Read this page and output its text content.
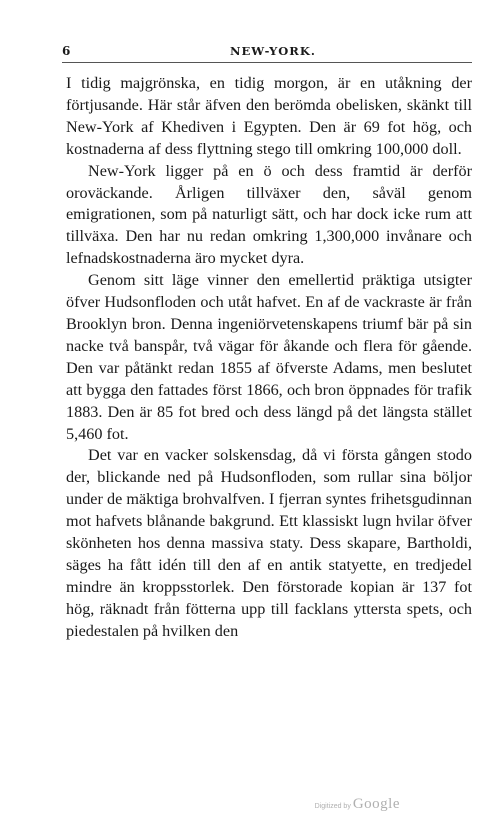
6	NEW-YORK.

I tidig majgrönska, en tidig morgon, är en utåkning der förtjusande. Här står äfven den berömda obelisken, skänkt till New-York af Khediven i Egypten. Den är 69 fot hög, och kostnaderna af dess flyttning stego till omkring 100,000 doll.

New-York ligger på en ö och dess framtid är derför oroväckande. Årligen tillväxer den, såväl genom emigrationen, som på naturligt sätt, och har dock icke rum att tillväxa. Den har nu redan omkring 1,300,000 invånare och lefnadskostnaderna äro mycket dyra.

Genom sitt läge vinner den emellertid präktiga utsigter öfver Hudsonfloden och utåt hafvet. En af de vackraste är från Brooklyn bron. Denna ingeniörvetenskapens triumf bär på sin nacke två banspår, två vägar för åkande och flera för gående. Den var påtänkt redan 1855 af öfverste Adams, men beslutet att bygga den fattades först 1866, och bron öppnades för trafik 1883. Den är 85 fot bred och dess längd på det längsta stället 5,460 fot.

Det var en vacker solskensdag, då vi första gången stodo der, blickande ned på Hudsonfloden, som rullar sina böljor under de mäktiga brohvalfven. I fjerran syntes frihetsgudinnan mot hafvets blånande bakgrund. Ett klassiskt lugn hvilar öfver skönheten hos denna massiva staty. Dess skapare, Bartholdi, säges ha fått idén till den af en antik statyette, en tredjedel mindre än kroppsstorlek. Den förstorade kopian är 137 fot hög, räknadt från fötterna upp till facklans yttersta spets, och piedestalen på hvilken den

Digitized by Google
